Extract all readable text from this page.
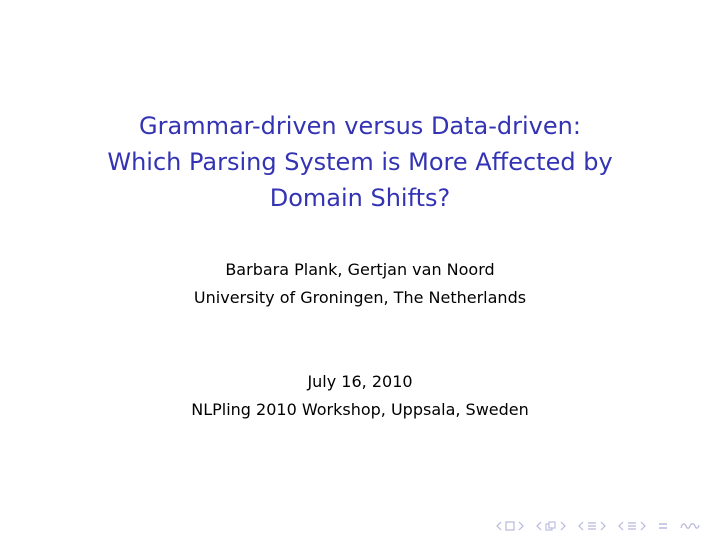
Grammar-driven versus Data-driven:
Which Parsing System is More Affected by
Domain Shifts?
Barbara Plank, Gertjan van Noord
University of Groningen, The Netherlands
July 16, 2010
NLPling 2010 Workshop, Uppsala, Sweden
